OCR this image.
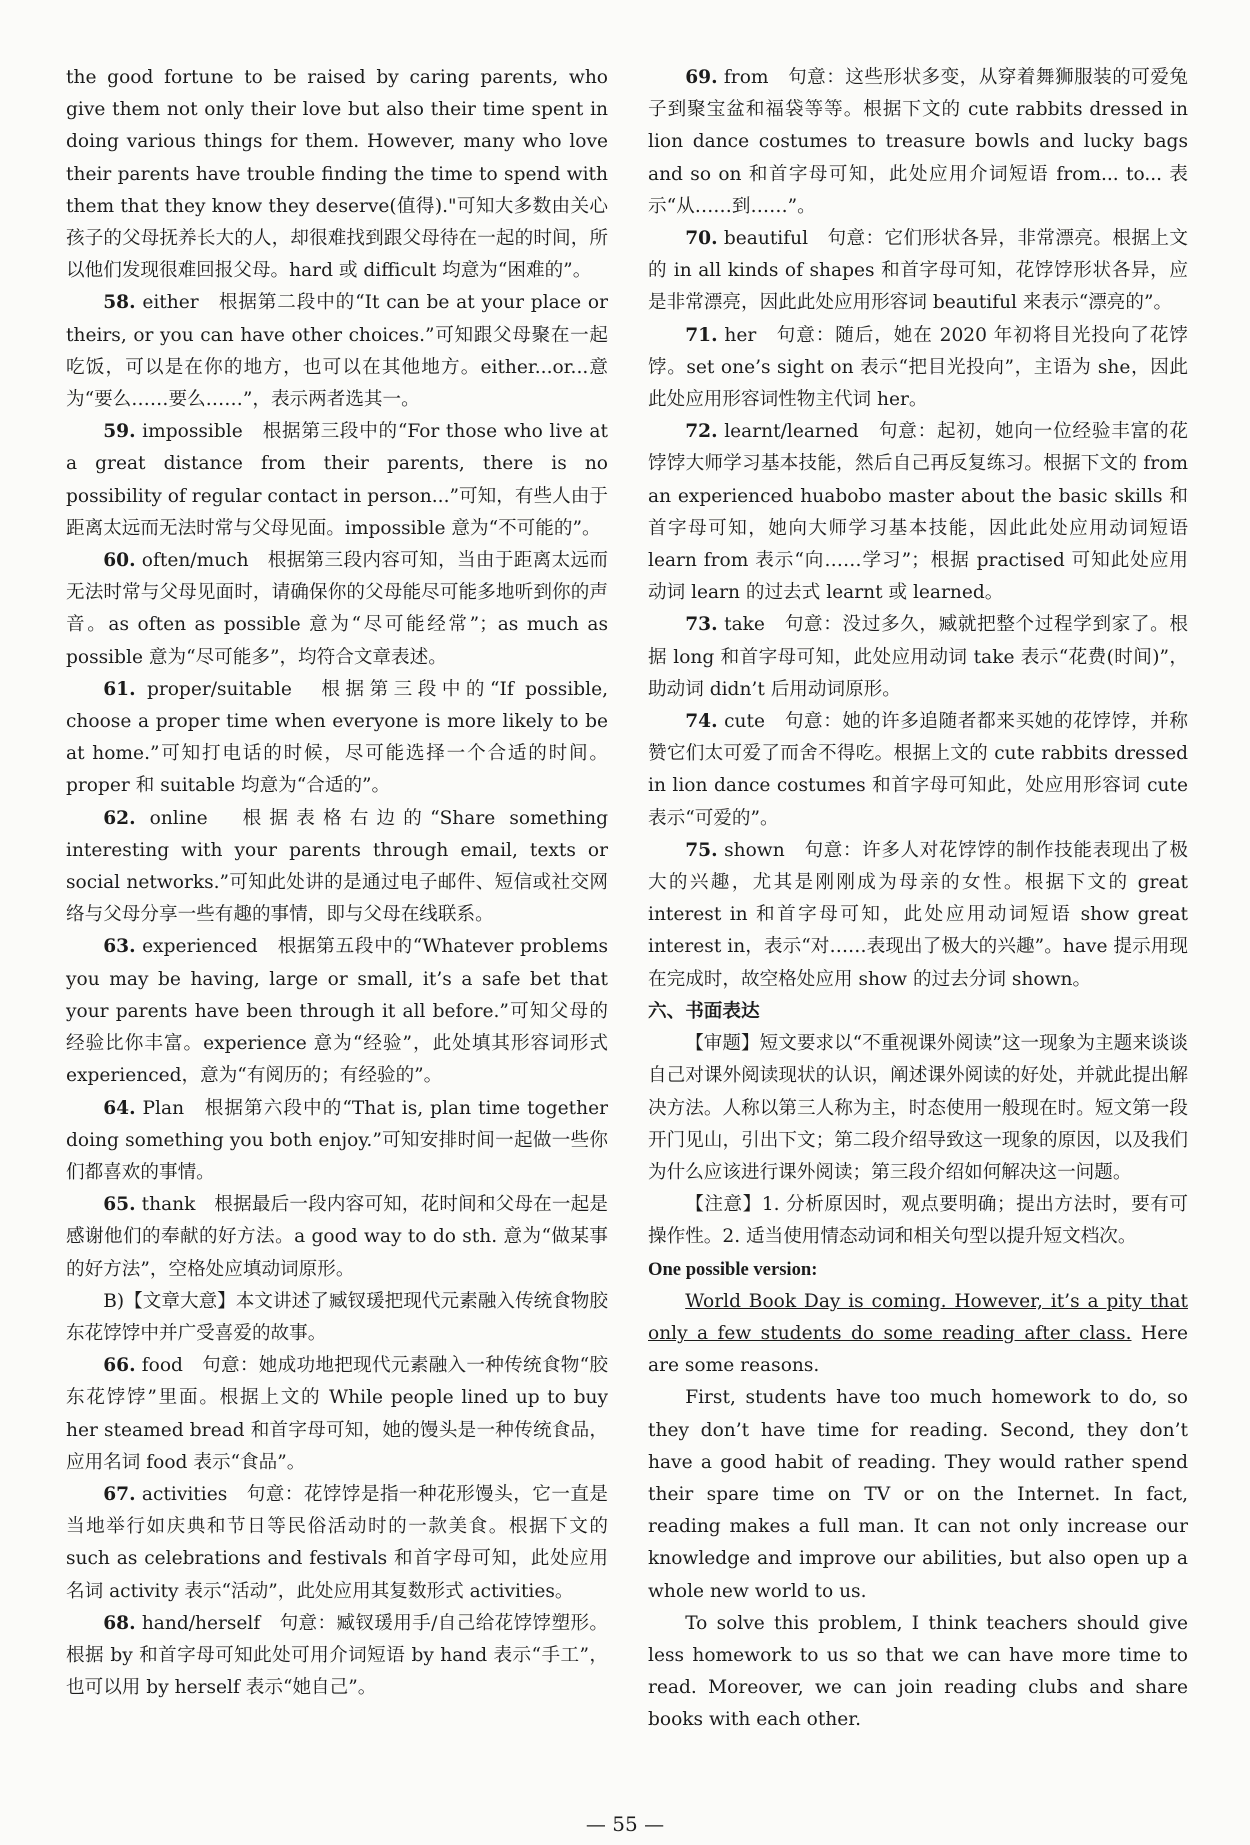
the good fortune to be raised by caring parents, who give them not only their love but also their time spent in doing various things for them. However, many who love their parents have trouble finding the time to spend with them that they know they deserve(值得)."可知大多数由关心孩子的父母抚养长大的人，却很难找到跟父母待在一起的时间，所以他们发现很难回报父母。hard 或 difficult 均意为“困难的”。

58. either　根据第二段中的“It can be at your place or theirs, or you can have other choices.”可知跟父母聚在一起吃饭，可以是在你的地方，也可以在其他地方。either...or...意为“要么……要么……”，表示两者选其一。

59. impossible　根据第三段中的“For those who live at a great distance from their parents, there is no possibility of regular contact in person...”可知，有些人由于距离太远而无法时常与父母见面。impossible 意为“不可能的”。

60. often/much　根据第三段内容可知，当由于距离太远而无法时常与父母见面时，请确保你的父母能尽可能多地听到你的声音。as often as possible 意为“尽可能经常”；as much as possible 意为“尽可能多”，均符合文章表述。

61. proper/suitable　根据第三段中的“If possible, choose a proper time when everyone is more likely to be at home.”可知打电话的时候，尽可能选择一个合适的时间。proper 和 suitable 均意为“合适的”。

62. online　根据表格右边的“Share something interesting with your parents through email, texts or social networks.”可知此处讲的是通过电子邮件、短信或社交网络与父母分享一些有趣的事情，即与父母在线联系。

63. experienced　根据第五段中的“Whatever problems you may be having, large or small, it’s a safe bet that your parents have been through it all before.”可知父母的经验比你丰富。experience 意为“经验”，此处填其形容词形式 experienced，意为“有阅历的；有经验的”。

64. Plan　根据第六段中的“That is, plan time together doing something you both enjoy.”可知安排时间一起做一些你们都喜欢的事情。

65. thank　根据最后一段内容可知，花时间和父母在一起是感谢他们的奉献的好方法。a good way to do sth. 意为“做某事的好方法”，空格处应填动词原形。

B)【文章大意】本文讲述了臧钗瑗把现代元素融入传统食物胶东花饽饽中并广受喜爱的故事。

66. food　句意：她成功地把现代元素融入一种传统食物“胶东花饽饽”里面。根据上文的 While people lined up to buy her steamed bread 和首字母可知，她的馒头是一种传统食品，应用名词 food 表示“食品”。

67. activities　句意：花饽饽是指一种花形馒头，它一直是当地举行如庆典和节日等民俗活动时的一款美食。根据下文的 such as celebrations and festivals 和首字母可知，此处应用名词 activity 表示“活动”，此处应用其复数形式 activities。

68. hand/herself　句意：臧钗瑗用手/自己给花饽饽塑形。根据 by 和首字母可知此处可用介词短语 by hand 表示“手工”，也可以用 by herself 表示“她自己”。

69. from　句意：这些形状多变，从穿着舞狮服装的可爱兔子到聚宝盆和福袋等等。根据下文的 cute rabbits dressed in lion dance costumes to treasure bowls and lucky bags and so on 和首字母可知，此处应用介词短语 from... to... 表示“从……到……”。

70. beautiful　句意：它们形状各异，非常漂亮。根据上文的 in all kinds of shapes 和首字母可知，花饽饽形状各异，应是非常漂亮，因此此处应用形容词 beautiful 来表示“漂亮的”。

71. her　句意：随后，她在 2020 年初将目光投向了花饽饽。set one’s sight on 表示“把目光投向”，主语为 she，因此此处应用形容词性物主代词 her。

72. learnt/learned　句意：起初，她向一位经验丰富的花饽饽大师学习基本技能，然后自己再反复练习。根据下文的 from an experienced huabobo master about the basic skills 和首字母可知，她向大师学习基本技能，因此此处应用动词短语 learn from 表示“向……学习”；根据 practised 可知此处应用动词 learn 的过去式 learnt 或 learned。

73. take　句意：没过多久，臧就把整个过程学到家了。根据 long 和首字母可知，此处应用动词 take 表示“花费(时间)”，助动词 didn’t 后用动词原形。

74. cute　句意：她的许多追随者都来买她的花饽饽，并称赞它们太可爱了而舍不得吃。根据上文的 cute rabbits dressed in lion dance costumes 和首字母可知此，处应用形容词 cute 表示“可爱的”。

75. shown　句意：许多人对花饽饽的制作技能表现出了极大的兴趣，尤其是刚刚成为母亲的女性。根据下文的 great interest in 和首字母可知，此处应用动词短语 show great interest in，表示“对……表现出了极大的兴趣”。have 提示用现在完成时，故空格处应用 show 的过去分词 shown。

六、书面表达

【审题】短文要求以“不重视课外阅读”这一现象为主题来谈谈自己对课外阅读现状的认识，阐述课外阅读的好处，并就此提出解决方法。人称以第三人称为主，时态使用一般现在时。短文第一段开门见山，引出下文；第二段介绍导致这一现象的原因，以及我们为什么应该进行课外阅读；第三段介绍如何解决这一问题。

【注意】1. 分析原因时，观点要明确；提出方法时，要有可操作性。2. 适当使用情态动词和相关句型以提升短文档次。

One possible version:

World Book Day is coming. However, it’s a pity that only a few students do some reading after class. Here are some reasons.

First, students have too much homework to do, so they don’t have time for reading. Second, they don’t have a good habit of reading. They would rather spend their spare time on TV or on the Internet. In fact, reading makes a full man. It can not only increase our knowledge and improve our abilities, but also open up a whole new world to us.

To solve this problem, I think teachers should give less homework to us so that we can have more time to read. Moreover, we can join reading clubs and share books with each other.

— 55 —
